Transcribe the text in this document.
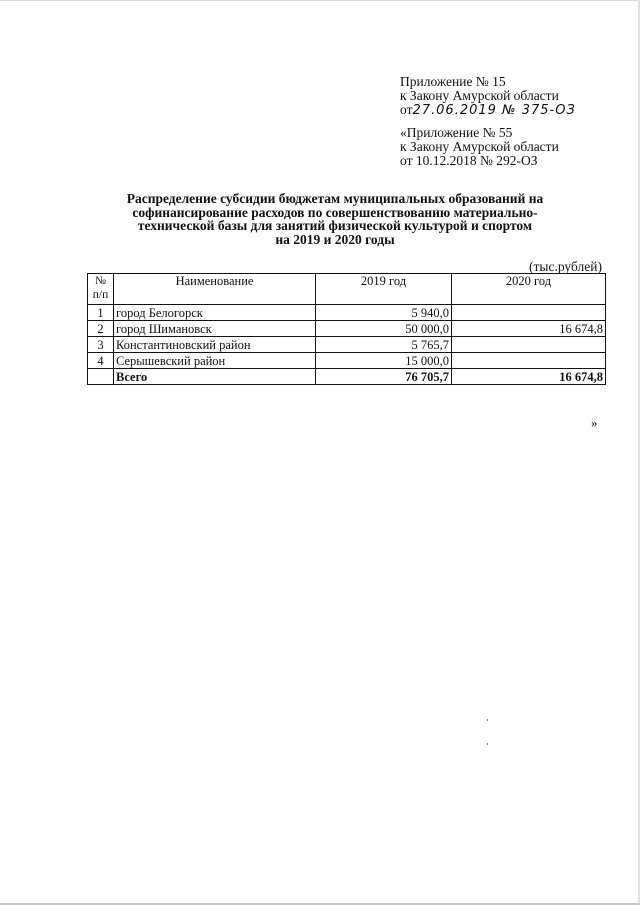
Приложение № 15
к Закону Амурской области
от27.06.2019 № 375-ОЗ
«Приложение № 55
к Закону Амурской области
от 10.12.2018 № 292-ОЗ
Распределение субсидии бюджетам муниципальных образований на
софинансирование расходов по совершенствованию материально-
технической базы для занятий физической культурой и спортом
на 2019 и 2020 годы
(тыс.рублей)
№
п/п	Наименование	2019 год	2020 год
1	город Белогорск	5 940,0	
2	город Шимановск	50 000,0	16 674,8
3	Константиновский район	5 765,7	
4	Серышевский район	15 000,0	
	Всего	76 705,7	16 674,8
»
